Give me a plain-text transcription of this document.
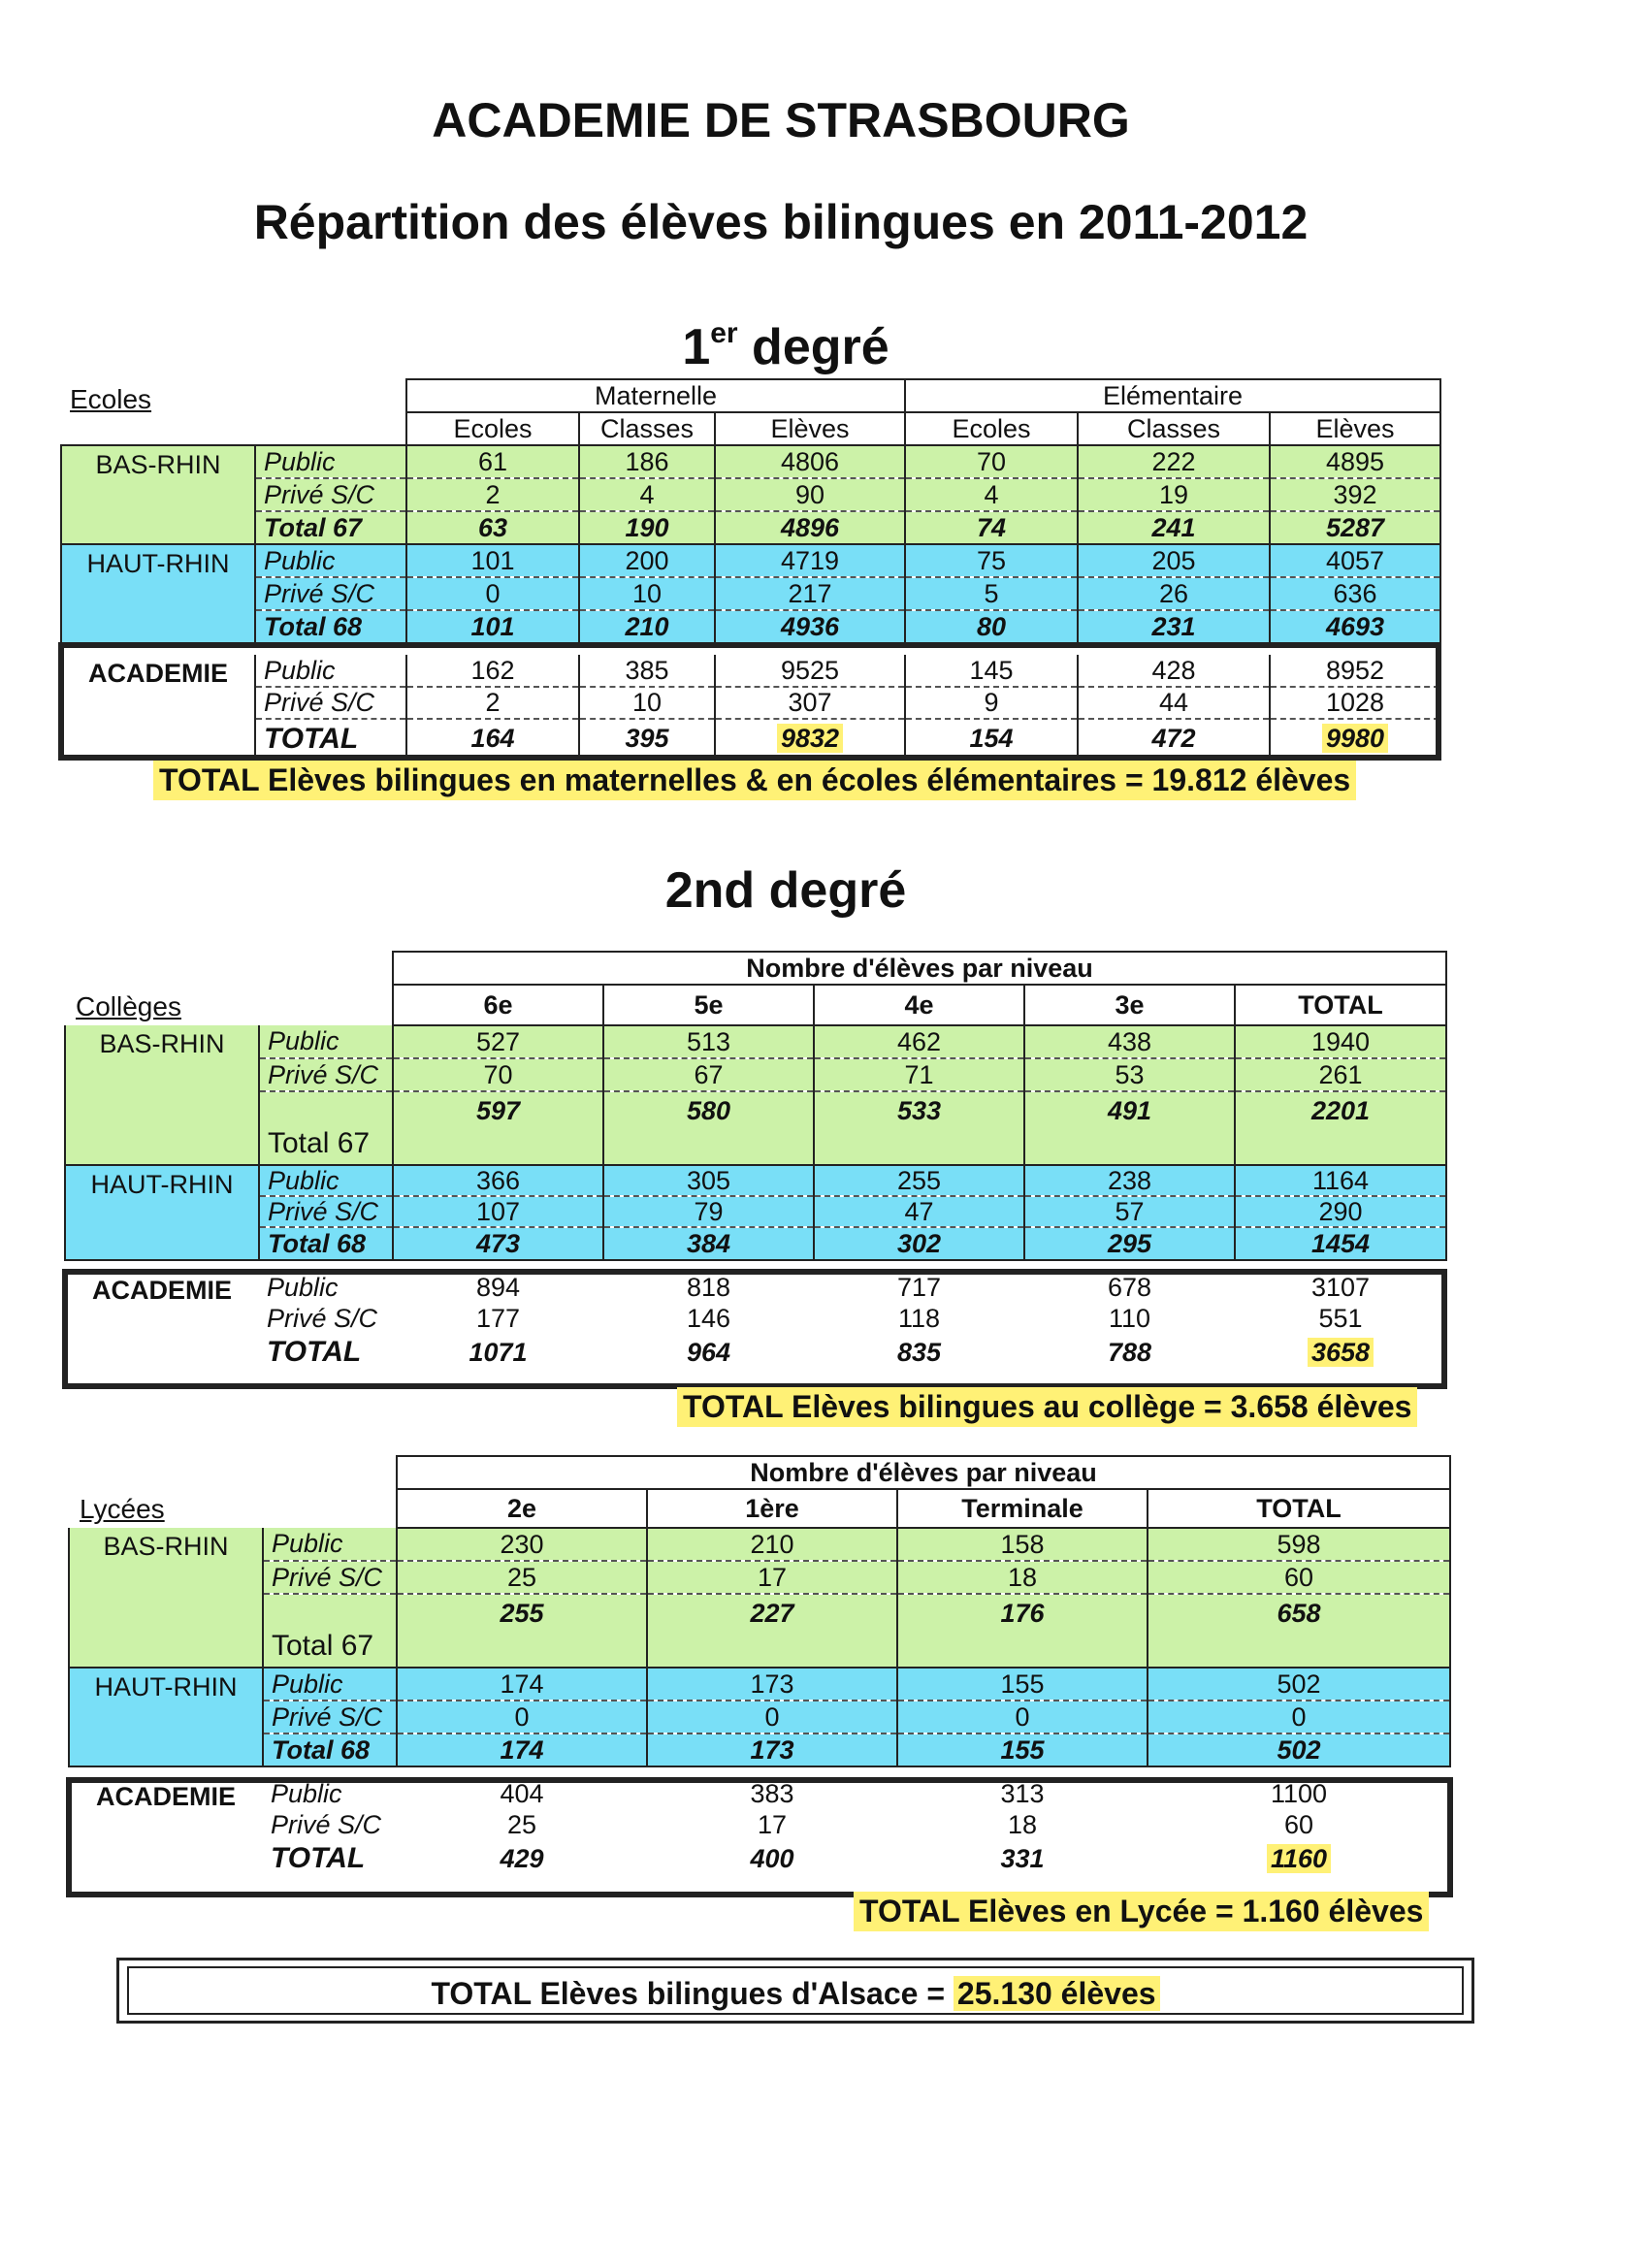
ACADEMIE DE STRASBOURG
Répartition des élèves bilingues en 2011-2012
1er degré
Ecoles
			Maternelle			Elémentaire		
		Ecoles	Classes	Elèves	Ecoles	Classes	Elèves
BAS-RHIN	Public	61	186	4806	70	222	4895
	Privé S/C	2	4	90	4	19	392
	Total 67	63	190	4896	74	241	5287
HAUT-RHIN	Public	101	200	4719	75	205	4057
	Privé S/C	0	10	217	5	26	636
	Total 68	101	210	4936	80	231	4693

ACADEMIE	Public	162	385	9525	145	428	8952
	Privé S/C	2	10	307	9	44	1028
	TOTAL	164	395	9832	154	472	9980
TOTAL Elèves bilingues en maternelles & en écoles élémentaires = 19.812 élèves
2nd degré
Collèges
		Nombre d'élèves par niveau				
		6e	5e	4e	3e	TOTAL
BAS-RHIN	Public	527	513	462	438	1940
	Privé S/C	70	67	71	53	261
	Total 67	597	580	533	491	2201
HAUT-RHIN	Public	366	305	255	238	1164
	Privé S/C	107	79	47	57	290
	Total 68	473	384	302	295	1454

ACADEMIE	Public	894	818	717	678	3107
	Privé S/C	177	146	118	110	551
	TOTAL	1071	964	835	788	3658
TOTAL Elèves bilingues au collège = 3.658 élèves
Lycées
		Nombre d'élèves par niveau			
		2e	1ère	Terminale	TOTAL
BAS-RHIN	Public	230	210	158	598
	Privé S/C	25	17	18	60
	Total 67	255	227	176	658
HAUT-RHIN	Public	174	173	155	502
	Privé S/C	0	0	0	0
	Total 68	174	173	155	502

ACADEMIE	Public	404	383	313	1100
	Privé S/C	25	17	18	60
	TOTAL	429	400	331	1160
TOTAL Elèves en Lycée = 1.160 élèves
TOTAL Elèves bilingues d'Alsace = 25.130 élèves
